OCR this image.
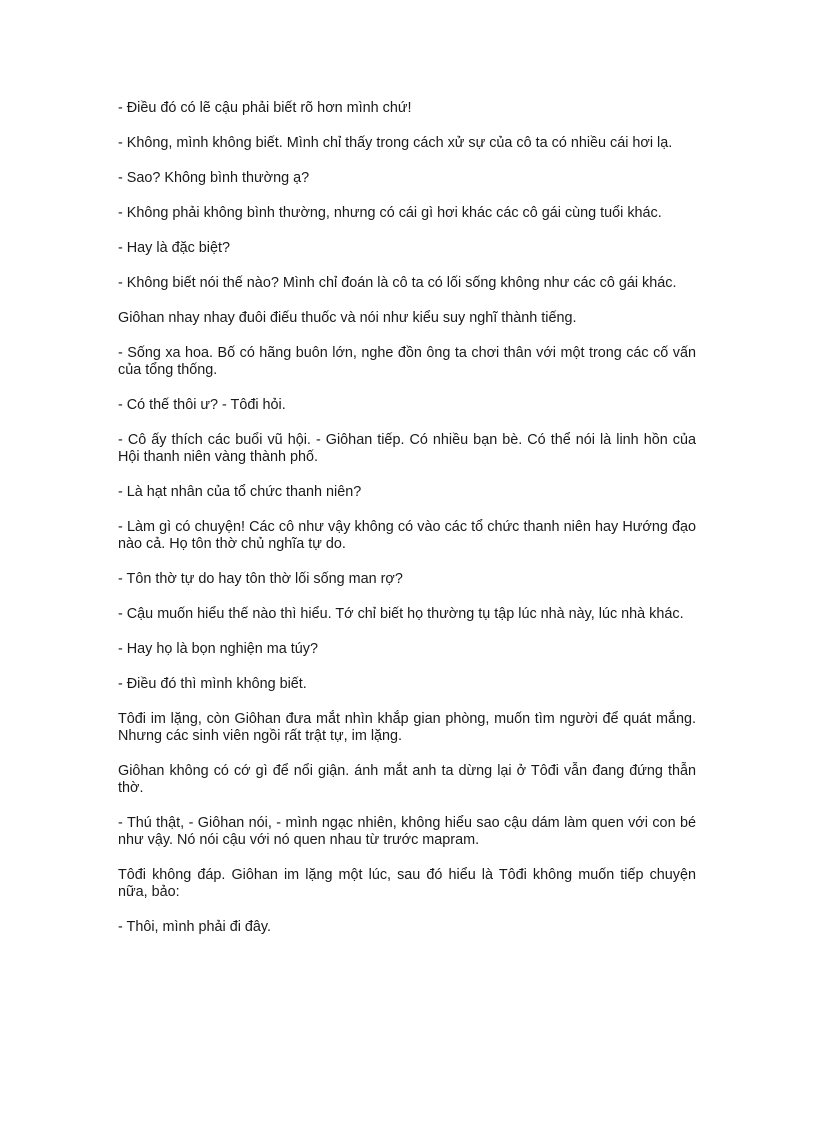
- Điều đó có lẽ cậu phải biết rõ hơn mình chứ!

- Không, mình không biết. Mình chỉ thấy trong cách xử sự của cô ta có nhiều cái hơi lạ.

- Sao? Không bình thường ạ?

- Không phải không bình thường, nhưng có cái gì hơi khác các cô gái cùng tuổi khác.

- Hay là đặc biệt?

- Không biết nói thế nào? Mình chỉ đoán là cô ta có lối sống không như các cô gái khác.

Giôhan nhay nhay đuôi điếu thuốc và nói như kiểu suy nghĩ thành tiếng.

- Sống xa hoa. Bố có hãng buôn lớn, nghe đồn ông ta chơi thân với một trong các cố vấn của tổng thống.

- Có thế thôi ư? - Tôđi hỏi.

- Cô ấy thích các buổi vũ hội. - Giôhan tiếp. Có nhiều bạn bè. Có thể nói là linh hồn của Hội thanh niên vàng thành phố.

- Là hạt nhân của tổ chức thanh niên?

- Làm gì có chuyện! Các cô như vậy không có vào các tổ chức thanh niên hay Hướng đạo nào cả. Họ tôn thờ chủ nghĩa tự do.

- Tôn thờ tự do hay tôn thờ lối sống man rợ?

- Cậu muốn hiểu thế nào thì hiểu. Tớ chỉ biết họ thường tụ tập lúc nhà này, lúc nhà khác.

- Hay họ là bọn nghiện ma túy?

- Điều đó thì mình không biết.

Tôđi im lặng, còn Giôhan đưa mắt nhìn khắp gian phòng, muốn tìm người để quát mắng. Nhưng các sinh viên ngồi rất trật tự, im lặng.

Giôhan không có cớ gì để nổi giận. ánh mắt anh ta dừng lại ở Tôđi vẫn đang đứng thẫn thờ.

- Thú thật, - Giôhan nói, - mình ngạc nhiên, không hiểu sao cậu dám làm quen với con bé như vậy. Nó nói cậu với nó quen nhau từ trước mapram.

Tôđi không đáp. Giôhan im lặng một lúc, sau đó hiểu là Tôđi không muốn tiếp chuyện nữa, bảo:

- Thôi, mình phải đi đây.
